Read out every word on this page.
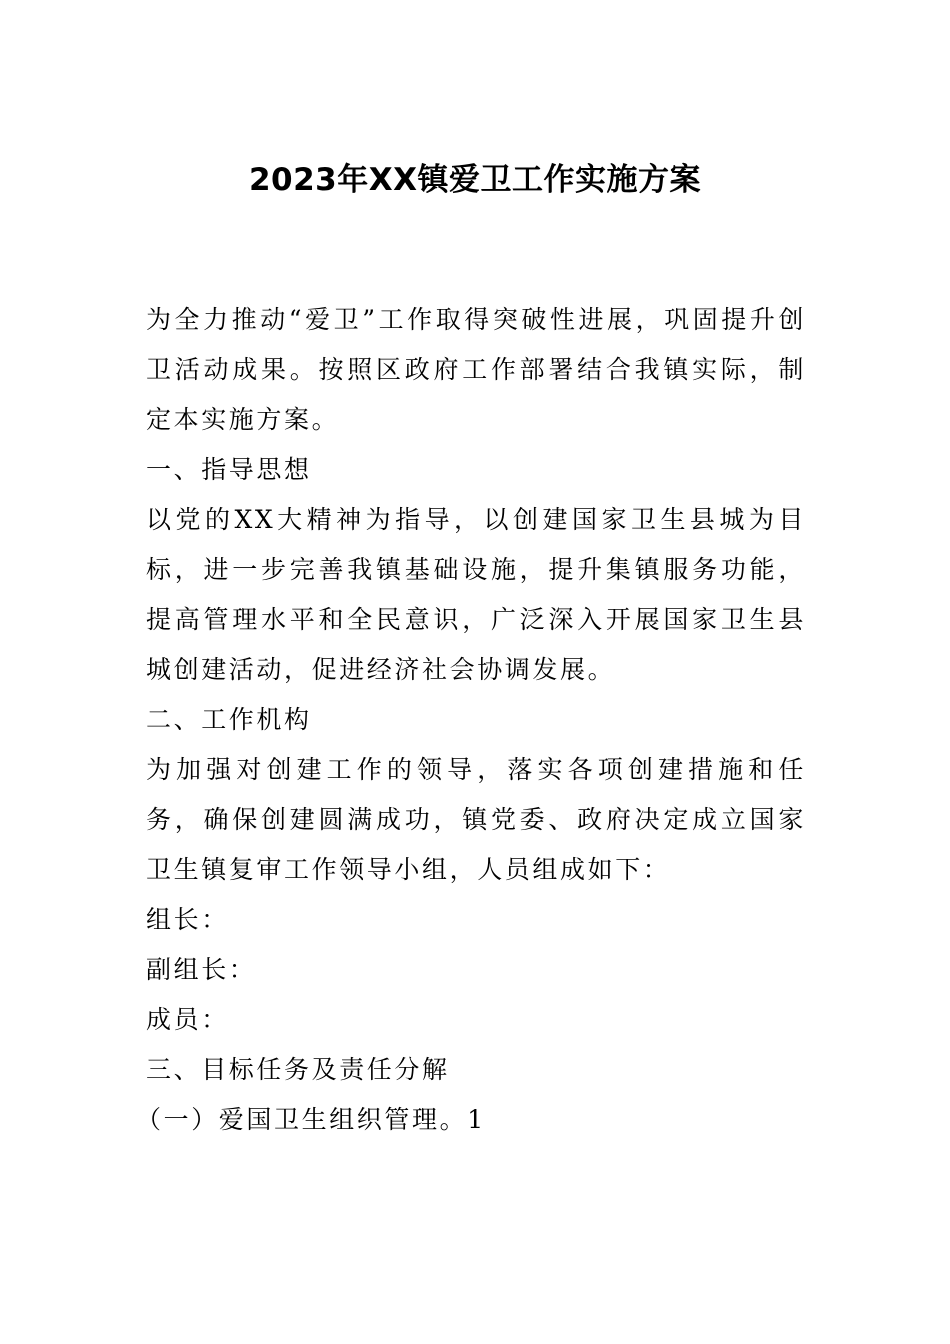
2023年XX镇爱卫工作实施方案

为全力推动“爱卫”工作取得突破性进展，巩固提升创卫活动成果。按照区政府工作部署结合我镇实际，制定本实施方案。

一、指导思想

以党的XX大精神为指导，以创建国家卫生县城为目标，进一步完善我镇基础设施，提升集镇服务功能，提高管理水平和全民意识，广泛深入开展国家卫生县城创建活动，促进经济社会协调发展。

二、工作机构

为加强对创建工作的领导，落实各项创建措施和任务，确保创建圆满成功，镇党委、政府决定成立国家卫生镇复审工作领导小组，人员组成如下：

组长：

副组长：

成员：

三、目标任务及责任分解

（一）爱国卫生组织管理。1
